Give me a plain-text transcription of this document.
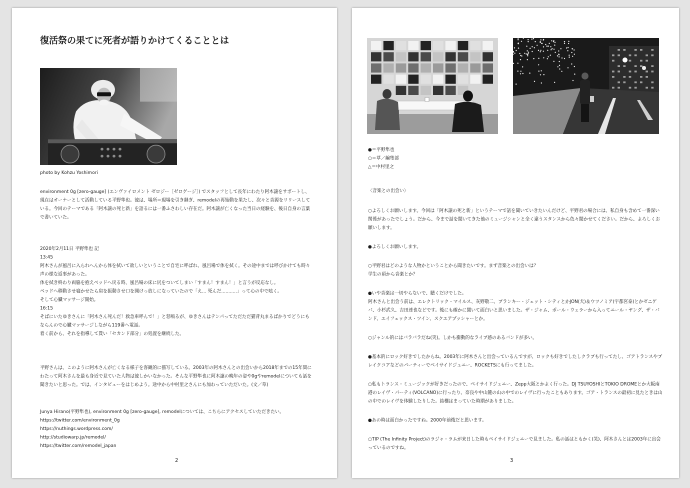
復活祭の果てに死者が語りかけてくることとは
photo by Kohzu Yoshimori
environment 0g [zero-gauge] (エンヴァイロメント ゼロジー［ゼロゲージ］) でスタッフとして長年にわたり阿木譲をサポートし、現在はオーナーとして活動している平野隼也。彼は、場所＝現場を引き継ぎ、remodelの再始動を果たし、次々と音源をリリースしている。今回のテーマである「阿木譲の死と新」を語るには一番ふさわしい存在だ。阿木譲が亡くなった当日の経験を、後日自身の言葉で書いていた。
2020年2月11日 平野隼也 記
13:45
阿木さんが風呂に入られへんから体を拭いて欲しいということで自宅に呼ばれ、風呂場で体を拭く。その途中までは呼びかけても時々声の様な返事があった。
体を拭き終わり両脇を抱えベッドへ戻る時、風呂場の床に尻をついてしまい「すまん！すまん！」と言うが反応なし。
ベッドへ移動させ寝かせたら肩を振動させ口を開けっ放しになっていたので「え... 死んだ...........」って心の中で呟く。
そして心臓マッサージ開始。
16:15
そばにいたゆきさんに「阿木さん死んだ！救急車呼んで！」と怒鳴るが、ゆきさんはテンパってただただ猫背丸まるばかりでどうにもならんので心臓マッサージしながら119番へ電話。
着く前から、それを指導して貰い「セカンド部分」の処置を継続した。
平野さんは、このように阿木さんが亡くなる様子を客観的に描写している。2003年の阿木さんとの出会いから2018年までの15年間にわたって阿木さんを最も身近で見ていた人物は彼しかいなかった。そんな平野隼也に阿木譲の晩年の姿や0gやremodelについても話を聞きたいと思った。では、インタビューをはじめよう。途中から中村里之さんにも加わっていただいた。(文／草)
Junya Hirano(平野隼也), environment 0g [zero-gauge], remodelについては、こちらにアクセスしていただきたい。
https://twitter.com/environment_0g
https://nuthings.wordpress.com/
http://studiowarp.jp/remodel/
https://twitter.com/remodel_japan
2
●＝平野隼也
○＝草／編集部
△＝中村里之
〈音楽との出会い〉

○よろしくお願いします。今回は「阿木譲の死と新」というテーマで話を聞いていきたいんだけど、平野君の場合には、私自身も含めて一番深い関係があったでしょう。だから、今まで話を聞いてきた他のミュージシャンと全く違うスタンスから色々聞かせてください。だから、よろしくお願いします。

●よろしくお願いします。

○平野君はどのような人物かということから聞きたいです。まず音楽との出会いは？
学生の頃から音楽とか？

●いや音楽は一切やらないで、聴くだけでした。
阿木さんと出会う前は、エレクトリック・マイルス、灰野敬二、ブランキー・ジェット・シティとかJON(犬)＆ウツノミア(宇都宮泰)とかゼニゲバ、小杉武久、吉田達也などです。後にも確かに聞いて面白いと思いました。ザ・ジャム、ポール・ウェラーから入ってニール・ヤング、ザ・バンド、エイフェックス・ツイン、スクエアプッシャーとか。

○ジャンル的にはバラバラだね(笑)。しかも衝動的なライブ感のあるバンドが多い。

●基本的にロック好きでしたからね。2003年に阿木さんと出会っているんですが、ロックも好きでしたしクラブも行ってたし、ゴアトランスやブレイクコアなどのパーティーでベイサイドジェニー、ROCKETSにも行ってました。

○私もトランス・ミュージックが好きだったので、ベイサイドジェニー、Zepp大阪とかよく行った。DJ TSUYOSHIとTOKIO DROMEとか大阪南港のレイヴ・パーティ(VOLCANO)に行ったり、奈良や中山麓の山の中でのレイヴに行ったこともあります。ゴア・トランスの最初に見たときは山の中でのレイヴを体験したりした。結構はまっていた時期がありました。

●あの時は面白かったですね。2000年前後だと思います。

○TIP (The Infinity Project)のラジャ・ラムが来日した時もベイサイドジェニーで見ました。私の話はともかく(笑)、阿木さんとは2003年に出会っているのですね。

3
